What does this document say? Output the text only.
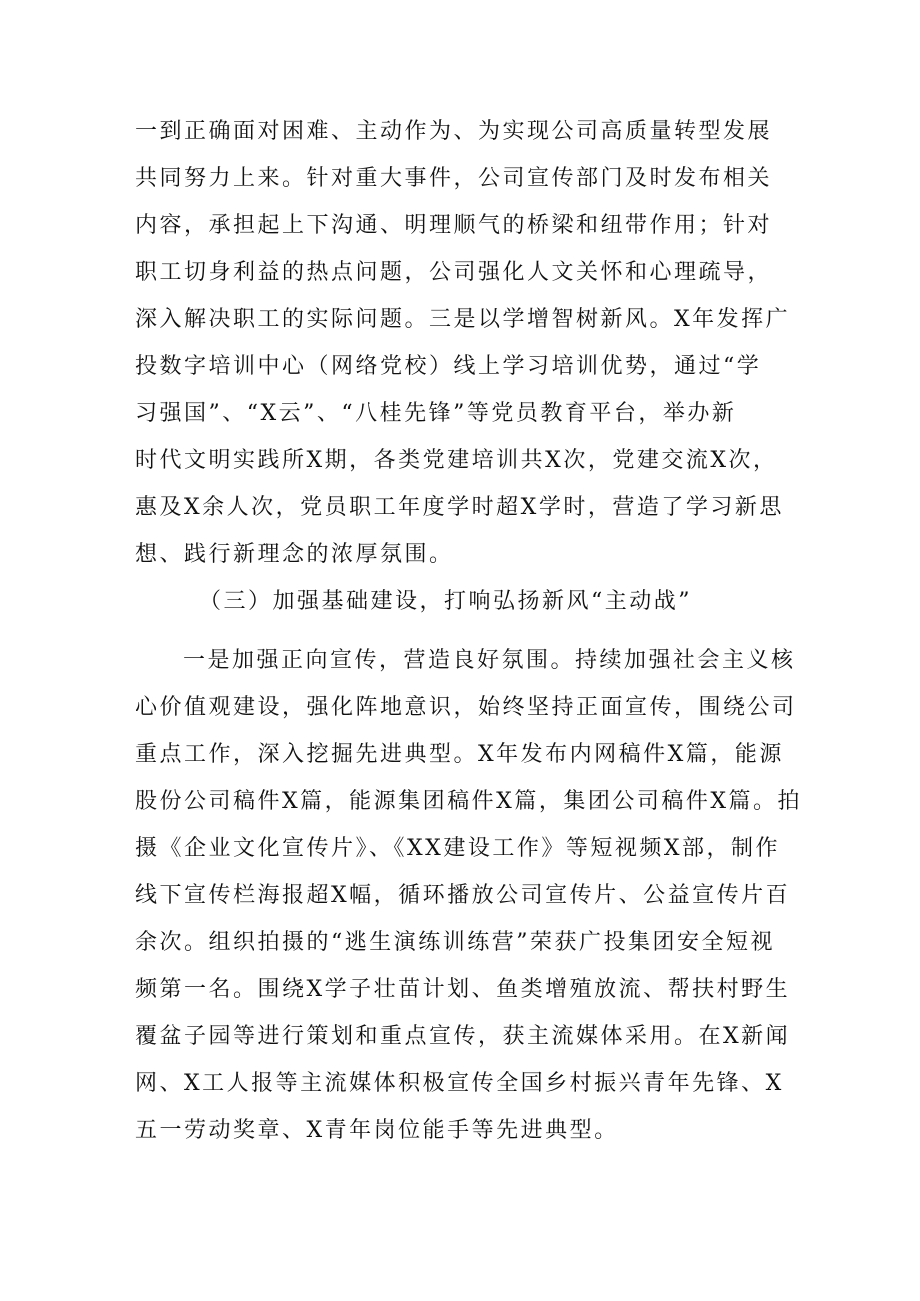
一到正确面对困难、主动作为、为实现公司高质量转型发展
共同努力上来。针对重大事件，公司宣传部门及时发布相关
内容，承担起上下沟通、明理顺气的桥梁和纽带作用；针对
职工切身利益的热点问题，公司强化人文关怀和心理疏导，
深入解决职工的实际问题。三是以学增智树新风。X年发挥广
投数字培训中心（网络党校）线上学习培训优势，通过“学
习强国”、“X云”、“八桂先锋”等党员教育平台，举办新
时代文明实践所X期，各类党建培训共X次，党建交流X次，
惠及X余人次，党员职工年度学时超X学时，营造了学习新思
想、践行新理念的浓厚氛围。
（三）加强基础建设，打响弘扬新风“主动战”
一是加强正向宣传，营造良好氛围。持续加强社会主义核
心价值观建设，强化阵地意识，始终坚持正面宣传，围绕公司
重点工作，深入挖掘先进典型。X年发布内网稿件X篇，能源
股份公司稿件X篇，能源集团稿件X篇，集团公司稿件X篇。拍
摄《企业文化宣传片》、《XX建设工作》等短视频X部，制作
线下宣传栏海报超X幅，循环播放公司宣传片、公益宣传片百
余次。组织拍摄的“逃生演练训练营”荣获广投集团安全短视
频第一名。围绕X学子壮苗计划、鱼类增殖放流、帮扶村野生
覆盆子园等进行策划和重点宣传，获主流媒体采用。在X新闻
网、X工人报等主流媒体积极宣传全国乡村振兴青年先锋、X
五一劳动奖章、X青年岗位能手等先进典型。
